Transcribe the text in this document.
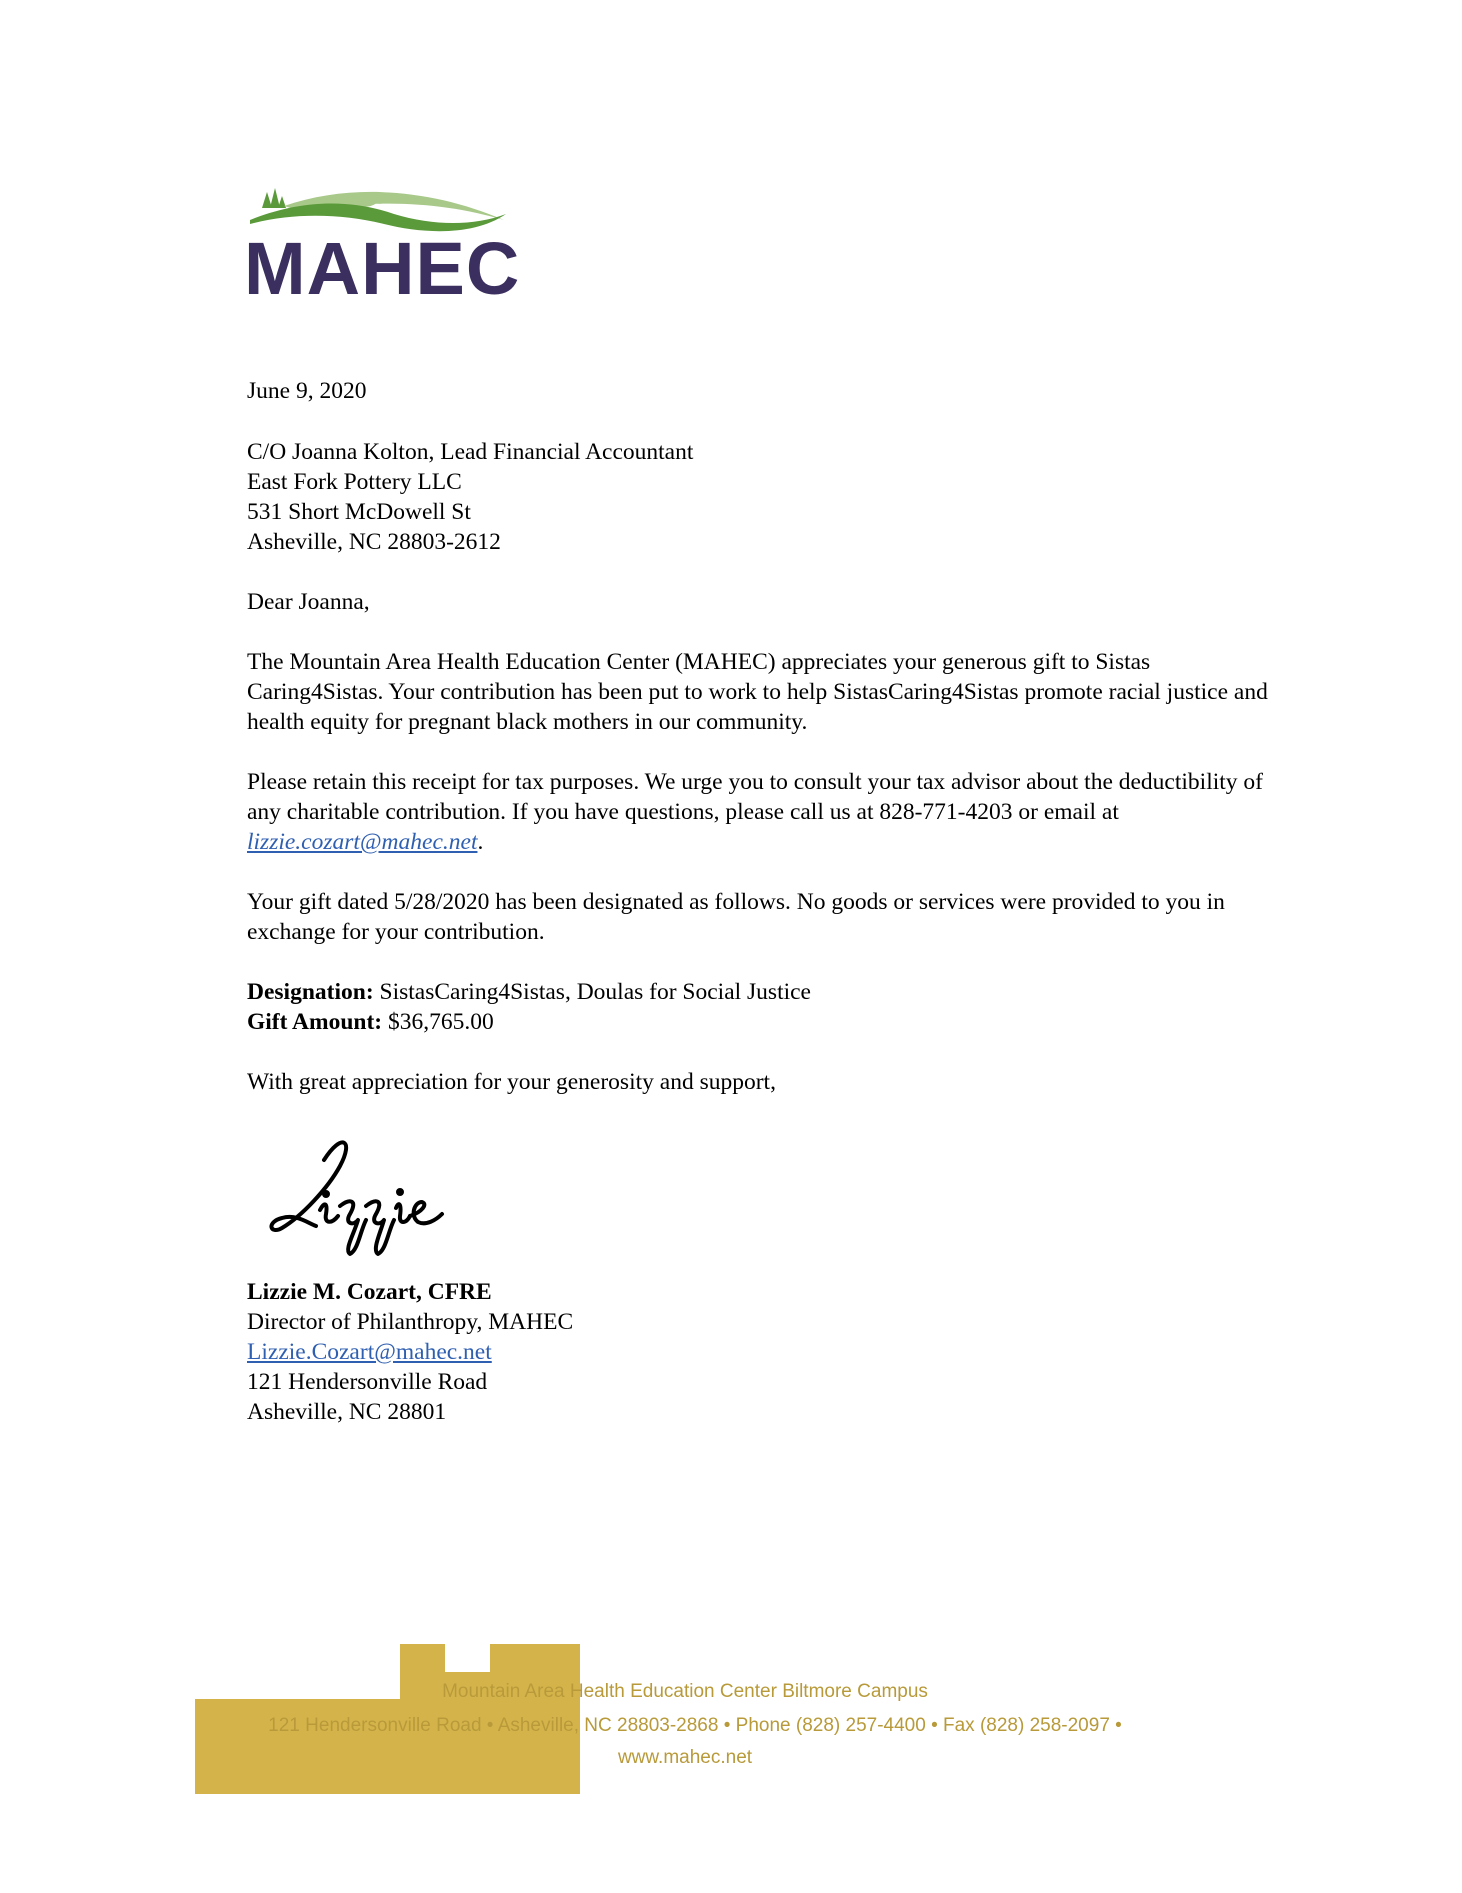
MAHEC
June 9, 2020

C/O Joanna Kolton, Lead Financial Accountant

East Fork Pottery LLC

531 Short McDowell St

Asheville, NC 28803-2612

Dear Joanna,
The Mountain Area Health Education Center (MAHEC) appreciates your generous gift to Sistas Caring4Sistas. Your contribution has been put to work to help SistasCaring4Sistas promote racial justice and health equity for pregnant black mothers in our community.
Please retain this receipt for tax purposes. We urge you to consult your tax advisor about the deductibility of any charitable contribution. If you have questions, please call us at 828-771-4203 or email at lizzie.cozart@mahec.net.
Your gift dated 5/28/2020 has been designated as follows. No goods or services were provided to you in exchange for your contribution.

Designation: SistasCaring4Sistas, Doulas for Social Justice

Gift Amount: $36,765.00

With great appreciation for your generosity and support,

Lizzie M. Cozart, CFRE

Director of Philanthropy, MAHEC

Lizzie.Cozart@mahec.net

121 Hendersonville Road

Asheville, NC 28801

Mountain Area Health Education Center Biltmore Campus
121 Hendersonville Road • Asheville, NC 28803-2868 • Phone (828) 257-4400 • Fax (828) 258-2097 •
www.mahec.net
